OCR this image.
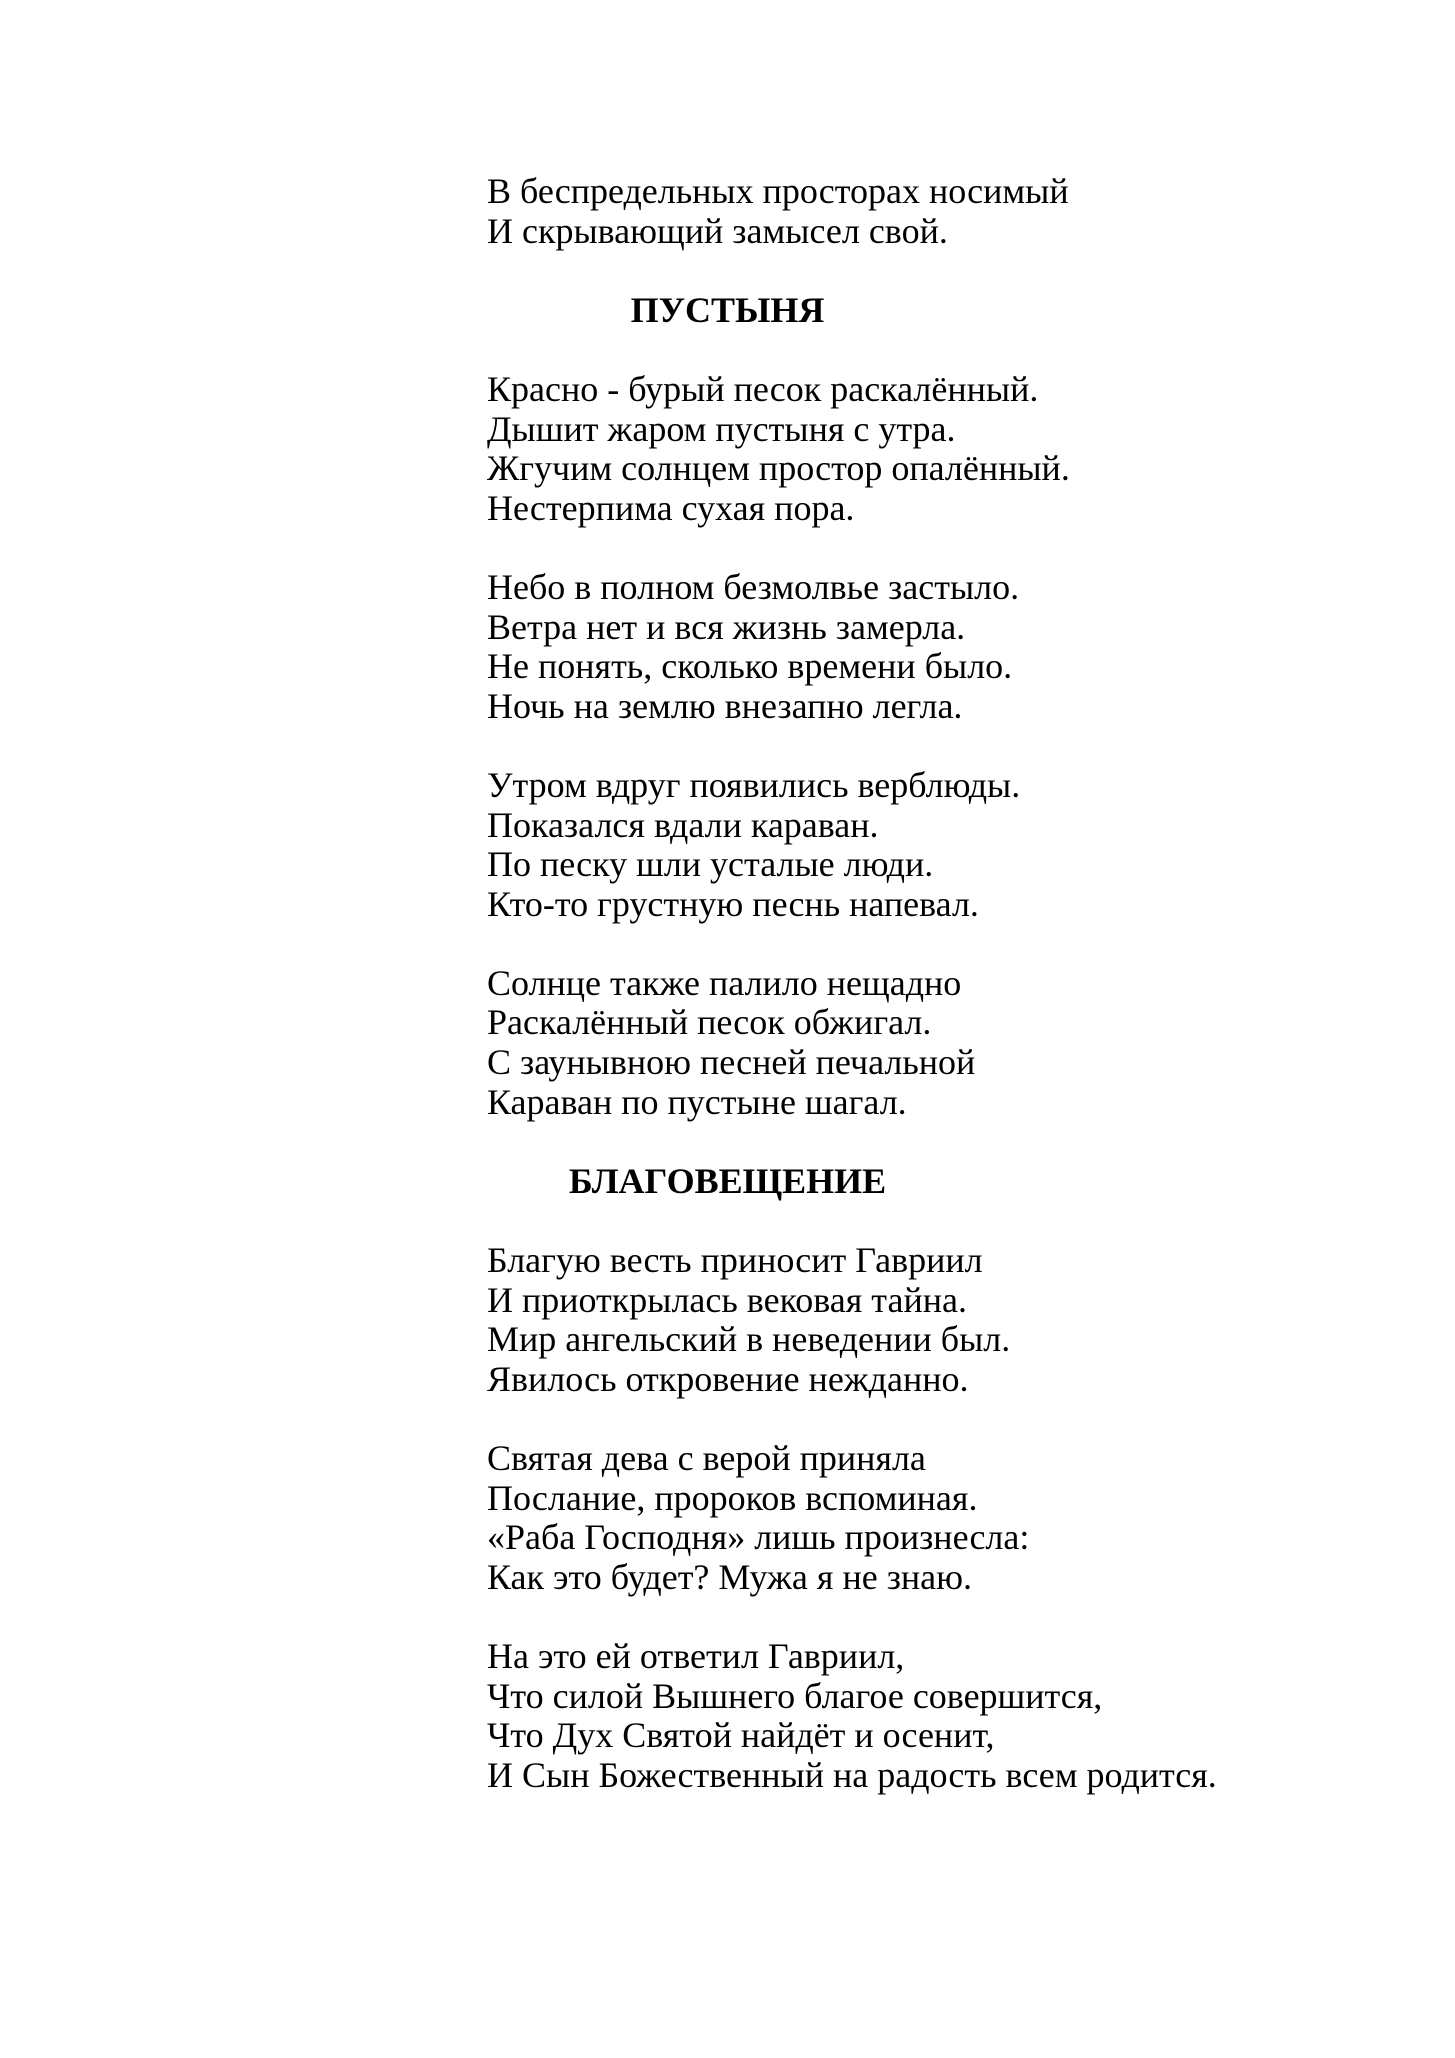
В беспредельных просторах носимый
И скрывающий замысел свой.
ПУСТЫНЯ
Красно - бурый песок раскалённый.
Дышит жаром пустыня с утра.
Жгучим солнцем простор опалённый.
Нестерпима сухая пора.
Небо в полном безмолвье застыло.
Ветра нет и вся жизнь замерла.
Не понять, сколько времени было.
Ночь на землю внезапно легла.
Утром вдруг появились верблюды.
Показался вдали караван.
По песку шли усталые люди.
Кто-то грустную песнь напевал.
Солнце также палило нещадно
Раскалённый песок обжигал.
С заунывною песней печальной
Караван по пустыне шагал.
БЛАГОВЕЩЕНИЕ
Благую весть приносит Гавриил
И приоткрылась вековая тайна.
Мир ангельский в неведении был.
Явилось откровение нежданно.
Святая дева с верой приняла
Послание, пророков вспоминая.
«Раба Господня» лишь произнесла:
Как это будет? Мужа я не знаю.
На это ей ответил Гавриил,
Что силой Вышнего благое совершится,
Что Дух Святой найдёт и осенит,
И Сын Божественный на радость всем родится.
